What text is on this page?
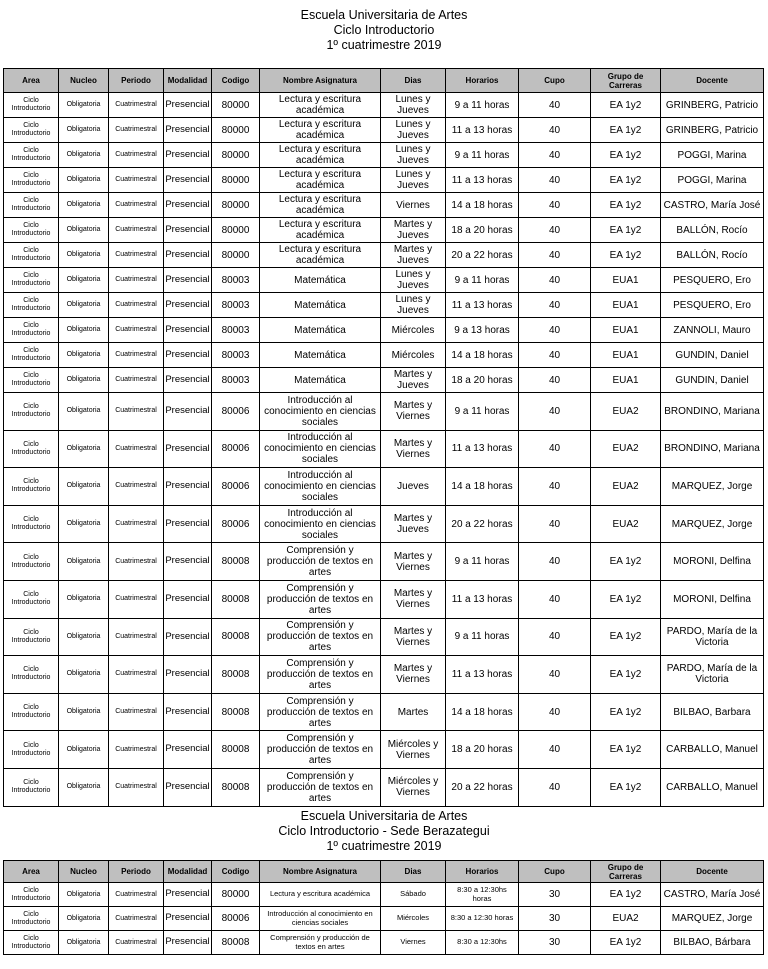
Escuela Universitaria de Artes
Ciclo Introductorio
1º cuatrimestre 2019
Area	Nucleo	Periodo	Modalidad	Codigo	Nombre Asignatura	Dias	Horarios	Cupo	Grupo de Carreras	Docente
Ciclo Introductorio	Obligatoria	Cuatrimestral	Presencial	80000	Lectura y escritura académica	Lunes y Jueves	9 a 11 horas	40	EA 1y2	GRINBERG, Patricio
Ciclo Introductorio	Obligatoria	Cuatrimestral	Presencial	80000	Lectura y escritura académica	Lunes y Jueves	11 a 13 horas	40	EA 1y2	GRINBERG, Patricio
Ciclo Introductorio	Obligatoria	Cuatrimestral	Presencial	80000	Lectura y escritura académica	Lunes y Jueves	9 a 11 horas	40	EA 1y2	POGGI, Marina
Ciclo Introductorio	Obligatoria	Cuatrimestral	Presencial	80000	Lectura y escritura académica	Lunes y Jueves	11 a 13 horas	40	EA 1y2	POGGI, Marina
Ciclo Introductorio	Obligatoria	Cuatrimestral	Presencial	80000	Lectura y escritura académica	Viernes	14 a 18 horas	40	EA 1y2	CASTRO, María José
Ciclo Introductorio	Obligatoria	Cuatrimestral	Presencial	80000	Lectura y escritura académica	Martes y Jueves	18 a 20 horas	40	EA 1y2	BALLÓN, Rocío
Ciclo Introductorio	Obligatoria	Cuatrimestral	Presencial	80000	Lectura y escritura académica	Martes y Jueves	20 a 22 horas	40	EA 1y2	BALLÓN, Rocío
Ciclo Introductorio	Obligatoria	Cuatrimestral	Presencial	80003	Matemática	Lunes y Jueves	9 a 11 horas	40	EUA1	PESQUERO, Ero
Ciclo Introductorio	Obligatoria	Cuatrimestral	Presencial	80003	Matemática	Lunes y Jueves	11 a 13 horas	40	EUA1	PESQUERO, Ero
Ciclo Introductorio	Obligatoria	Cuatrimestral	Presencial	80003	Matemática	Miércoles	9 a 13 horas	40	EUA1	ZANNOLI, Mauro
Ciclo Introductorio	Obligatoria	Cuatrimestral	Presencial	80003	Matemática	Miércoles	14 a 18 horas	40	EUA1	GUNDIN, Daniel
Ciclo Introductorio	Obligatoria	Cuatrimestral	Presencial	80003	Matemática	Martes y Jueves	18 a 20 horas	40	EUA1	GUNDIN, Daniel
Ciclo Introductorio	Obligatoria	Cuatrimestral	Presencial	80006	Introducción al conocimiento en ciencias sociales	Martes y Viernes	9 a 11 horas	40	EUA2	BRONDINO, Mariana
Ciclo Introductorio	Obligatoria	Cuatrimestral	Presencial	80006	Introducción al conocimiento en ciencias sociales	Martes y Viernes	11 a 13 horas	40	EUA2	BRONDINO, Mariana
Ciclo Introductorio	Obligatoria	Cuatrimestral	Presencial	80006	Introducción al conocimiento en ciencias sociales	Jueves	14 a 18 horas	40	EUA2	MARQUEZ, Jorge
Ciclo Introductorio	Obligatoria	Cuatrimestral	Presencial	80006	Introducción al conocimiento en ciencias sociales	Martes y Jueves	20 a 22 horas	40	EUA2	MARQUEZ, Jorge
Ciclo Introductorio	Obligatoria	Cuatrimestral	Presencial	80008	Comprensión y producción de textos en artes	Martes y Viernes	9 a 11 horas	40	EA 1y2	MORONI, Delfina
Ciclo Introductorio	Obligatoria	Cuatrimestral	Presencial	80008	Comprensión y producción de textos en artes	Martes y Viernes	11 a 13 horas	40	EA 1y2	MORONI, Delfina
Ciclo Introductorio	Obligatoria	Cuatrimestral	Presencial	80008	Comprensión y producción de textos en artes	Martes y Viernes	9 a 11 horas	40	EA 1y2	PARDO, María de la Victoria
Ciclo Introductorio	Obligatoria	Cuatrimestral	Presencial	80008	Comprensión y producción de textos en artes	Martes y Viernes	11 a 13 horas	40	EA 1y2	PARDO, María de la Victoria
Ciclo Introductorio	Obligatoria	Cuatrimestral	Presencial	80008	Comprensión y producción de textos en artes	Martes	14 a 18 horas	40	EA 1y2	BILBAO, Barbara
Ciclo Introductorio	Obligatoria	Cuatrimestral	Presencial	80008	Comprensión y producción de textos en artes	Miércoles y Viernes	18 a 20 horas	40	EA 1y2	CARBALLO, Manuel
Ciclo Introductorio	Obligatoria	Cuatrimestral	Presencial	80008	Comprensión y producción de textos en artes	Miércoles y Viernes	20 a 22 horas	40	EA 1y2	CARBALLO, Manuel
Escuela Universitaria de Artes
Ciclo Introductorio - Sede Berazategui
1º cuatrimestre 2019
Area	Nucleo	Periodo	Modalidad	Codigo	Nombre Asignatura	Dias	Horarios	Cupo	Grupo de Carreras	Docente
Ciclo Introductorio	Obligatoria	Cuatrimestral	Presencial	80000	Lectura y escritura académica	Sábado	8:30 a 12:30hs horas	30	EA 1y2	CASTRO, María José
Ciclo Introductorio	Obligatoria	Cuatrimestral	Presencial	80006	Introducción al conocimiento en ciencias sociales	Miércoles	8:30 a 12:30 horas	30	EUA2	MARQUEZ, Jorge
Ciclo Introductorio	Obligatoria	Cuatrimestral	Presencial	80008	Comprensión y producción de textos en artes	Viernes	8:30 a 12:30hs	30	EA 1y2	BILBAO, Bárbara
